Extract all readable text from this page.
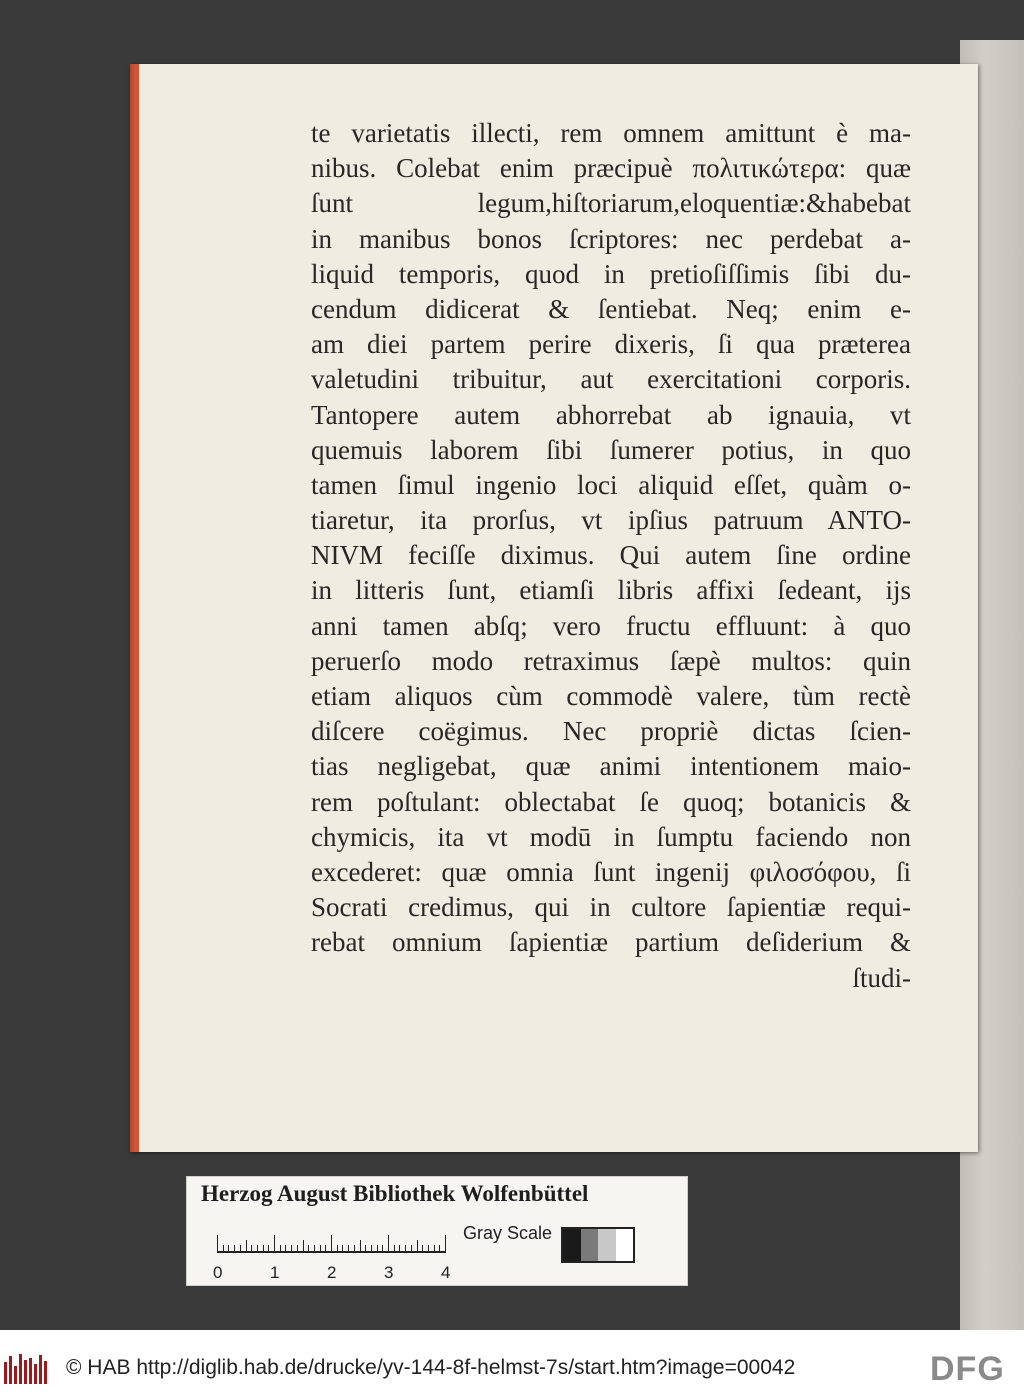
te varietatis illecti, rem omnem amittunt è ma-
nibus. Colebat enim præcipuè πολιτικώτερα: quæ
ſunt legum,hiſtoriarum,eloquentiæ:&habebat
in manibus bonos ſcriptores: nec perdebat a-
liquid temporis, quod in pretioſiſſimis ſibi du-
cendum didicerat & ſentiebat. Neq; enim e-
am diei partem perire dixeris, ſi qua præterea
valetudini tribuitur, aut exercitationi corporis.
Tantopere autem abhorrebat ab ignauia, vt
quemuis laborem ſibi ſumerer potius, in quo
tamen ſimul ingenio loci aliquid eſſet, quàm o-
tiaretur, ita prorſus, vt ipſius patruum ANTO-
NIVM feciſſe diximus. Qui autem ſine ordine
in litteris ſunt, etiamſi libris affixi ſedeant, ijs
anni tamen abſq; vero fructu effluunt: à quo
peruerſo modo retraximus ſæpè multos: quin
etiam aliquos cùm commodè valere, tùm rectè
diſcere coëgimus. Nec propriè dictas ſcien-
tias negligebat, quæ animi intentionem maio-
rem poſtulant: oblectabat ſe quoq; botanicis &
chymicis, ita vt modū in ſumptu faciendo non
excederet: quæ omnia ſunt ingenij φιλοσόφου, ſi
Socrati credimus, qui in cultore ſapientiæ requi-
rebat omnium ſapientiæ partium deſiderium &
ſtudi-
Herzog August Bibliothek Wolfenbüttel
0	1	2	3	4
Gray Scale
© HAB http://diglib.hab.de/drucke/yv-144-8f-helmst-7s/start.htm?image=00042	DFG
